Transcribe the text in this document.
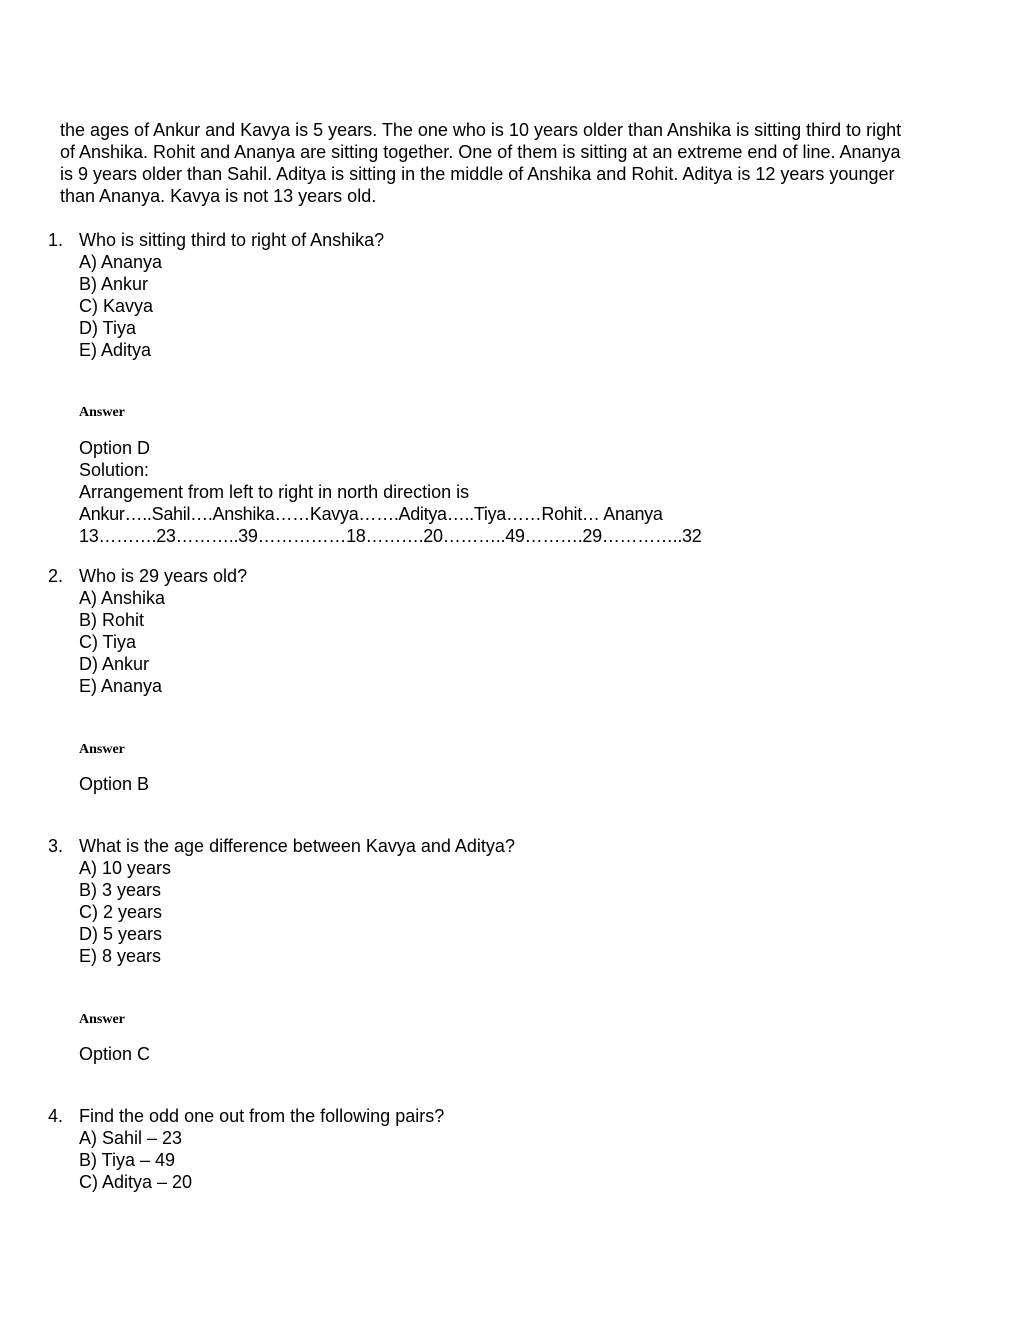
the ages of Ankur and Kavya is 5 years. The one who is 10 years older than Anshika is sitting third to right
of Anshika. Rohit and Ananya are sitting together. One of them is sitting at an extreme end of line. Ananya
is 9 years older than Sahil. Aditya is sitting in the middle of Anshika and Rohit. Aditya is 12 years younger
than Ananya. Kavya is not 13 years old.
1. Who is sitting third to right of Anshika?
A) Ananya
B) Ankur
C) Kavya
D) Tiya
E) Aditya
Answer
Option D
Solution:
Arrangement from left to right in north direction is
Ankur…..Sahil….Anshika……Kavya…….Aditya…..Tiya……Rohit… Ananya
13……….23………..39……………18……….20………..49……….29…………..32
2. Who is 29 years old?
A) Anshika
B) Rohit
C) Tiya
D) Ankur
E) Ananya
Answer
Option B
3. What is the age difference between Kavya and Aditya?
A) 10 years
B) 3 years
C) 2 years
D) 5 years
E) 8 years
Answer
Option C
4. Find the odd one out from the following pairs?
A) Sahil – 23
B) Tiya – 49
C) Aditya – 20
